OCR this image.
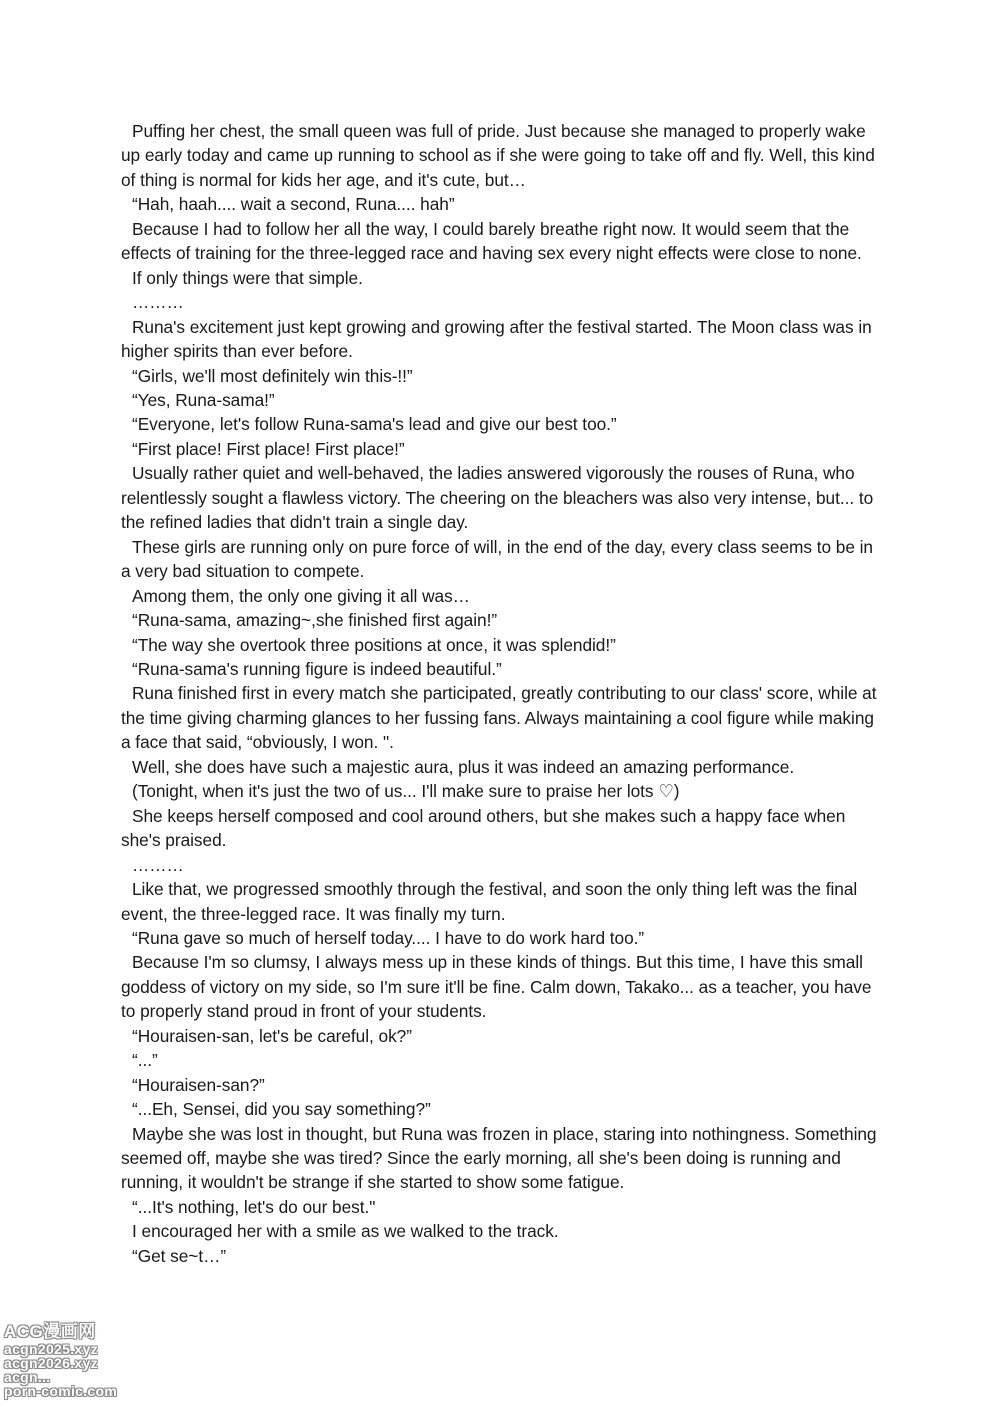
Puffing her chest, the small queen was full of pride. Just because she managed to properly wake up early today and came up running to school as if she were going to take off and fly. Well, this kind of thing is normal for kids her age, and it's cute, but…

“Hah, haah.... wait a second, Runa.... hah”

Because I had to follow her all the way, I could barely breathe right now. It would seem that the effects of training for the three-legged race and having sex every night effects were close to none.

If only things were that simple.

………

Runa's excitement just kept growing and growing after the festival started. The Moon class was in higher spirits than ever before.

“Girls, we'll most definitely win this-!!”

“Yes, Runa-sama!”

“Everyone, let's follow Runa-sama's lead and give our best too.”

“First place! First place! First place!”

Usually rather quiet and well-behaved, the ladies answered vigorously the rouses of Runa, who relentlessly sought a flawless victory. The cheering on the bleachers was also very intense, but... to the refined ladies that didn't train a single day.

These girls are running only on pure force of will, in the end of the day, every class seems to be in a very bad situation to compete.

Among them, the only one giving it all was…

“Runa-sama, amazing~,she finished first again!”

“The way she overtook three positions at once, it was splendid!”

“Runa-sama's running figure is indeed beautiful.”

Runa finished first in every match she participated, greatly contributing to our class' score, while at the time giving charming glances to her fussing fans. Always maintaining a cool figure while making a face that said, “obviously, I won. ".

Well, she does have such a majestic aura, plus it was indeed an amazing performance.

(Tonight, when it's just the two of us... I'll make sure to praise her lots ♡)

She keeps herself composed and cool around others, but she makes such a happy face when she's praised.

………

Like that, we progressed smoothly through the festival, and soon the only thing left was the final event, the three-legged race. It was finally my turn.

“Runa gave so much of herself today.... I have to do work hard too.”

Because I'm so clumsy, I always mess up in these kinds of things. But this time, I have this small goddess of victory on my side, so I'm sure it'll be fine. Calm down, Takako... as a teacher, you have to properly stand proud in front of your students.

“Houraisen-san, let's be careful, ok?”

“...”

“Houraisen-san?”

“...Eh, Sensei, did you say something?”

Maybe she was lost in thought, but Runa was frozen in place, staring into nothingness. Something seemed off, maybe she was tired? Since the early morning, all she's been doing is running and running, it wouldn't be strange if she started to show some fatigue.

“...It's nothing, let's do our best."

I encouraged her with a smile as we walked to the track.

“Get se~t…”

ACG漫画网
acgn2025.xyz
acgn2026.xyz
acgn...
porn-comic.com
